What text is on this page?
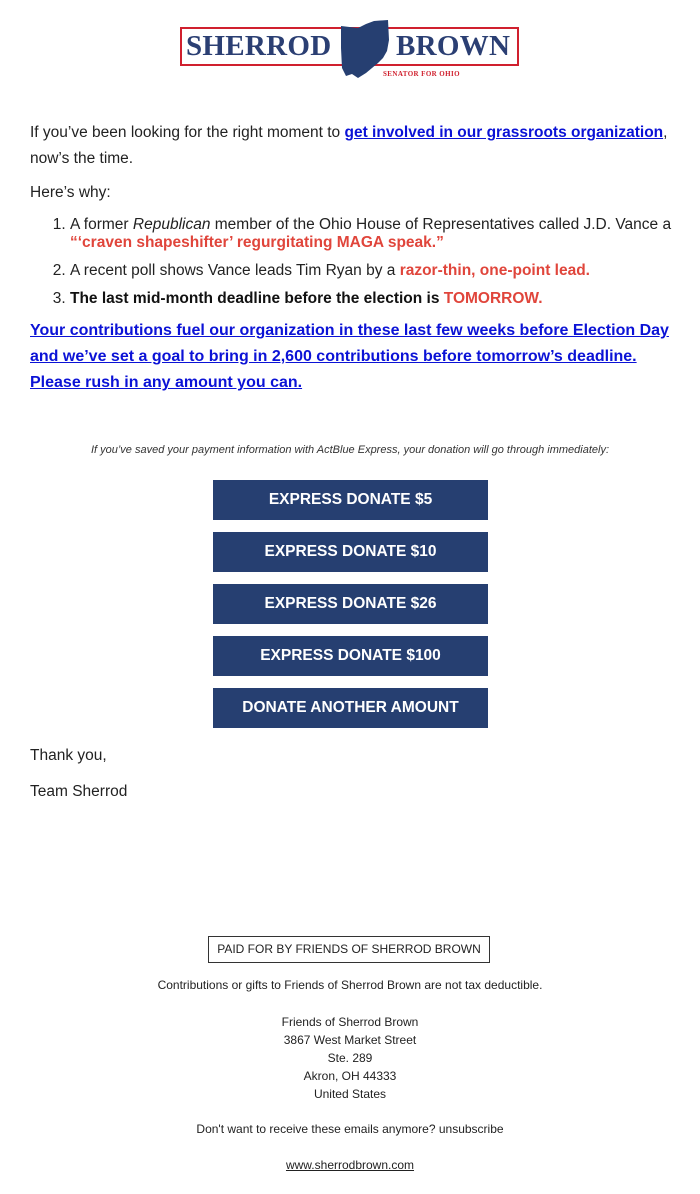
SHERROD BROWN
SENATOR FOR OHIO

If you’ve been looking for the right moment to get involved in our grassroots organization, now’s the time.

Here’s why:

1. A former Republican member of the Ohio House of Representatives called J.D. Vance a “‘craven shapeshifter’ regurgitating MAGA speak.”
2. A recent poll shows Vance leads Tim Ryan by a razor-thin, one-point lead.
3. The last mid-month deadline before the election is TOMORROW.

Your contributions fuel our organization in these last few weeks before Election Day and we’ve set a goal to bring in 2,600 contributions before tomorrow’s deadline. Please rush in any amount you can.

If you’ve saved your payment information with ActBlue Express, your donation will go through immediately:
EXPRESS DONATE $5
EXPRESS DONATE $10
EXPRESS DONATE $26
EXPRESS DONATE $100
DONATE ANOTHER AMOUNT
Thank you,
Team Sherrod
PAID FOR BY FRIENDS OF SHERROD BROWN
Contributions or gifts to Friends of Sherrod Brown are not tax deductible.
Friends of Sherrod Brown
3867 West Market Street
Ste. 289
Akron, OH 44333
United States
Don't want to receive these emails anymore? unsubscribe
www.sherrodbrown.com
